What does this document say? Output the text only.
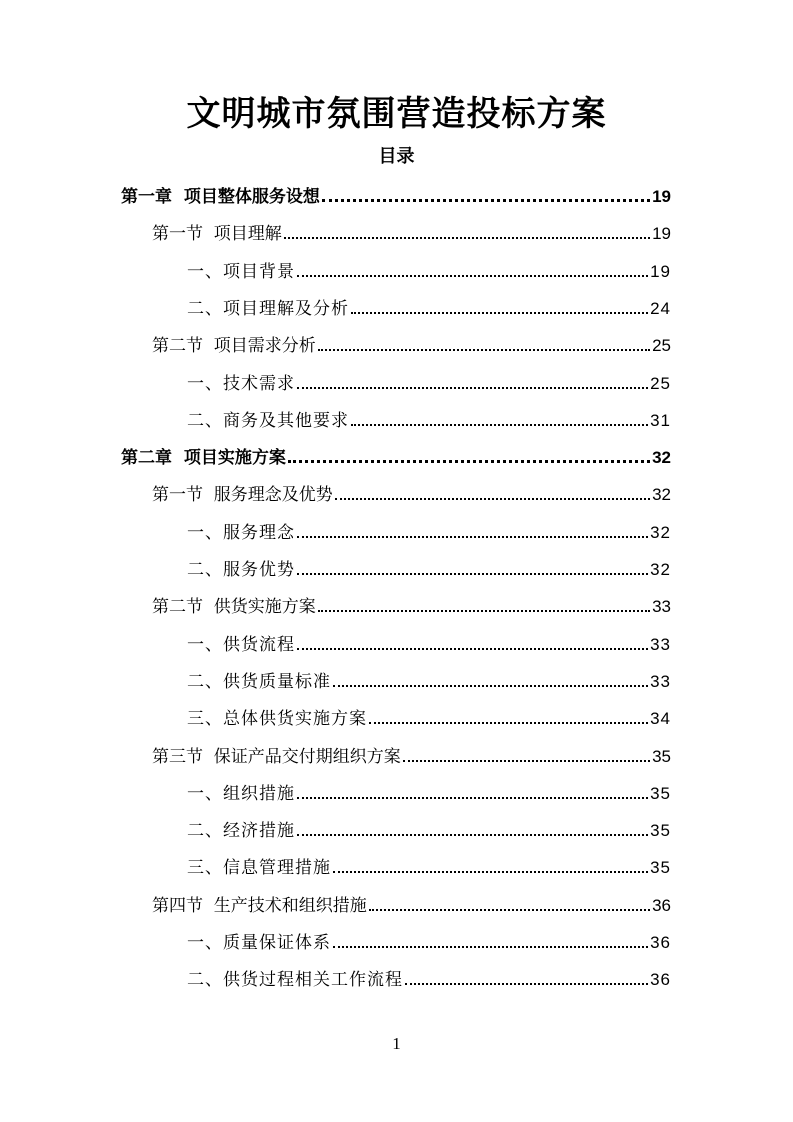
文明城市氛围营造投标方案
目录
第一章  项目整体服务设想	19
第一节  项目理解	19
一、项目背景	19
二、项目理解及分析	24
第二节  项目需求分析	25
一、技术需求	25
二、商务及其他要求	31
第二章  项目实施方案	32
第一节  服务理念及优势	32
一、服务理念	32
二、服务优势	32
第二节  供货实施方案	33
一、供货流程	33
二、供货质量标准	33
三、总体供货实施方案	34
第三节  保证产品交付期组织方案	35
一、组织措施	35
二、经济措施	35
三、信息管理措施	35
第四节  生产技术和组织措施	36
一、质量保证体系	36
二、供货过程相关工作流程	36
1
